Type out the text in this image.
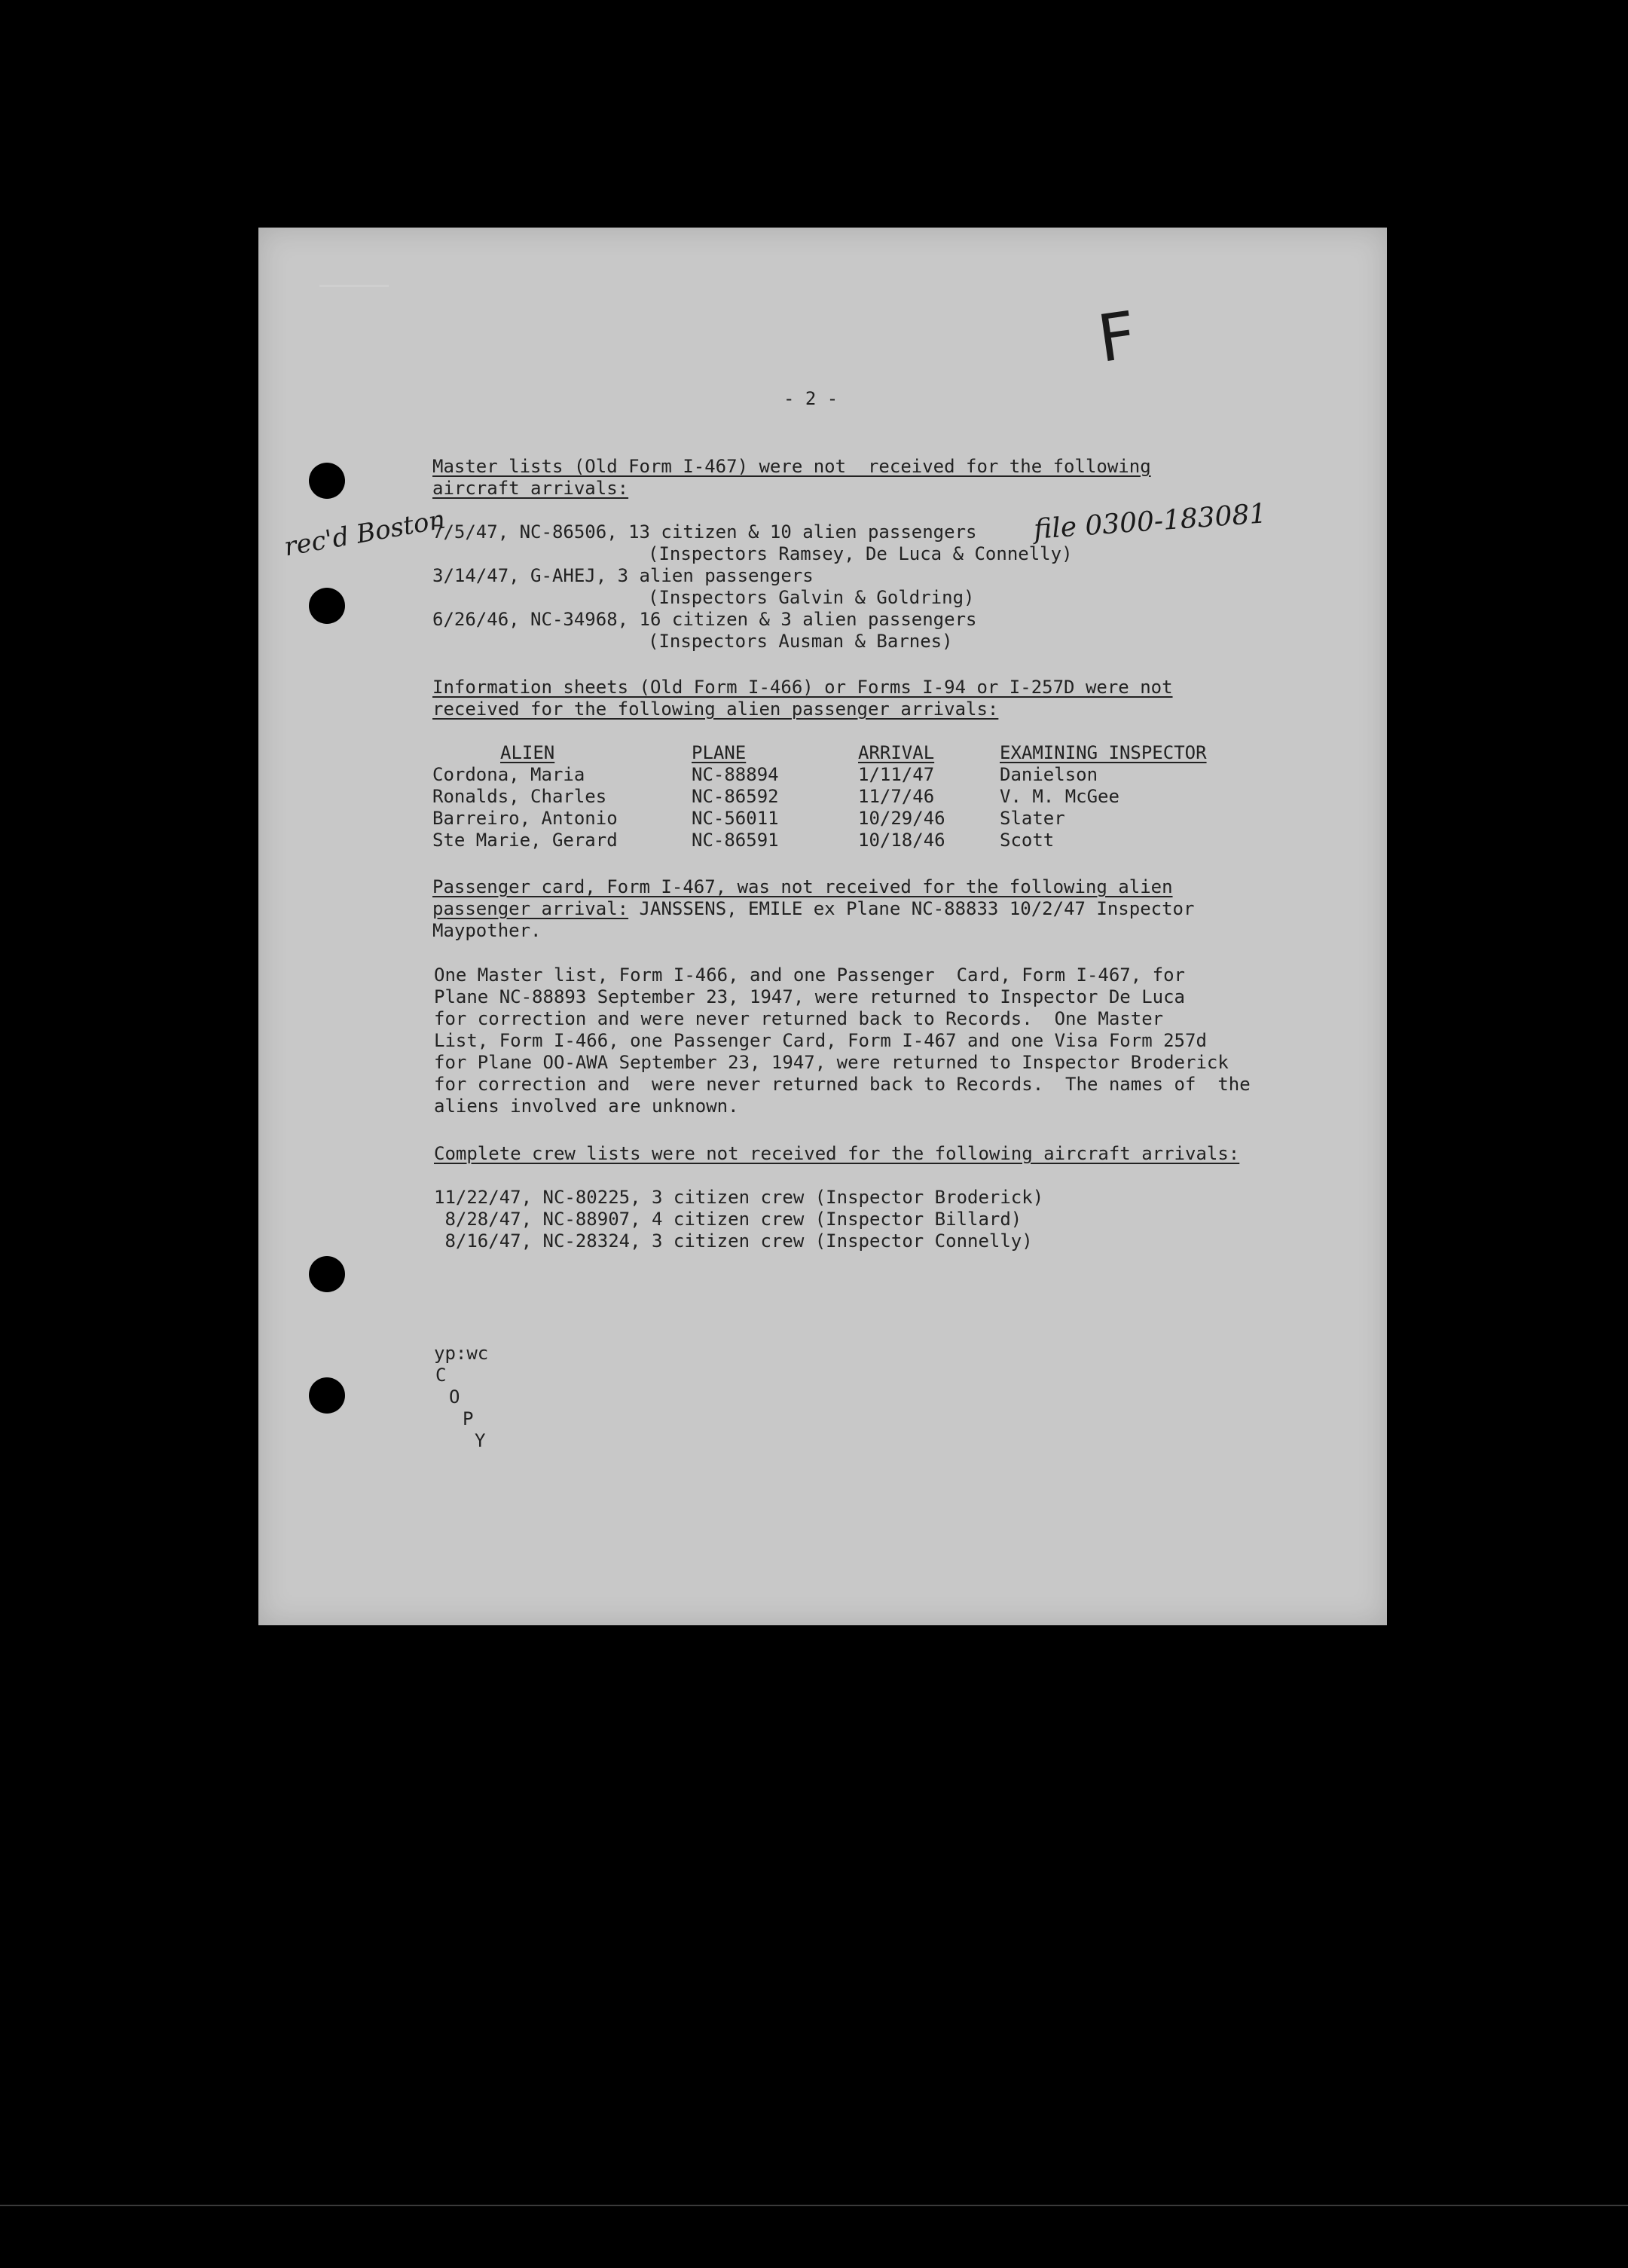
F
rec'd Boston	file 0300-183081
- 2 -
Master lists (Old Form I-467) were not  received for the following
aircraft arrivals:
7/5/47, NC-86506, 13 citizen & 10 alien passengers
(Inspectors Ramsey, De Luca & Connelly)
3/14/47, G-AHEJ, 3 alien passengers
(Inspectors Galvin & Goldring)
6/26/46, NC-34968, 16 citizen & 3 alien passengers
(Inspectors Ausman & Barnes)
Information sheets (Old Form I-466) or Forms I-94 or I-257D were not
received for the following alien passenger arrivals:
ALIEN	PLANE	ARRIVAL	EXAMINING INSPECTOR
Cordona, Maria	NC-88894	1/11/47	Danielson
Ronalds, Charles	NC-86592	11/7/46	V. M. McGee
Barreiro, Antonio	NC-56011	10/29/46	Slater
Ste Marie, Gerard	NC-86591	10/18/46	Scott
Passenger card, Form I-467, was not received for the following alien
passenger arrival: JANSSENS, EMILE ex Plane NC-88833 10/2/47 Inspector
Maypother.
One Master list, Form I-466, and one Passenger  Card, Form I-467, for
Plane NC-88893 September 23, 1947, were returned to Inspector De Luca
for correction and were never returned back to Records.  One Master
List, Form I-466, one Passenger Card, Form I-467 and one Visa Form 257d
for Plane OO-AWA September 23, 1947, were returned to Inspector Broderick
for correction and  were never returned back to Records.  The names of  the
aliens involved are unknown.
Complete crew lists were not received for the following aircraft arrivals:
11/22/47, NC-80225, 3 citizen crew (Inspector Broderick)
8/28/47, NC-88907, 4 citizen crew (Inspector Billard)
8/16/47, NC-28324, 3 citizen crew (Inspector Connelly)
yp:wc
C
O
P
Y
